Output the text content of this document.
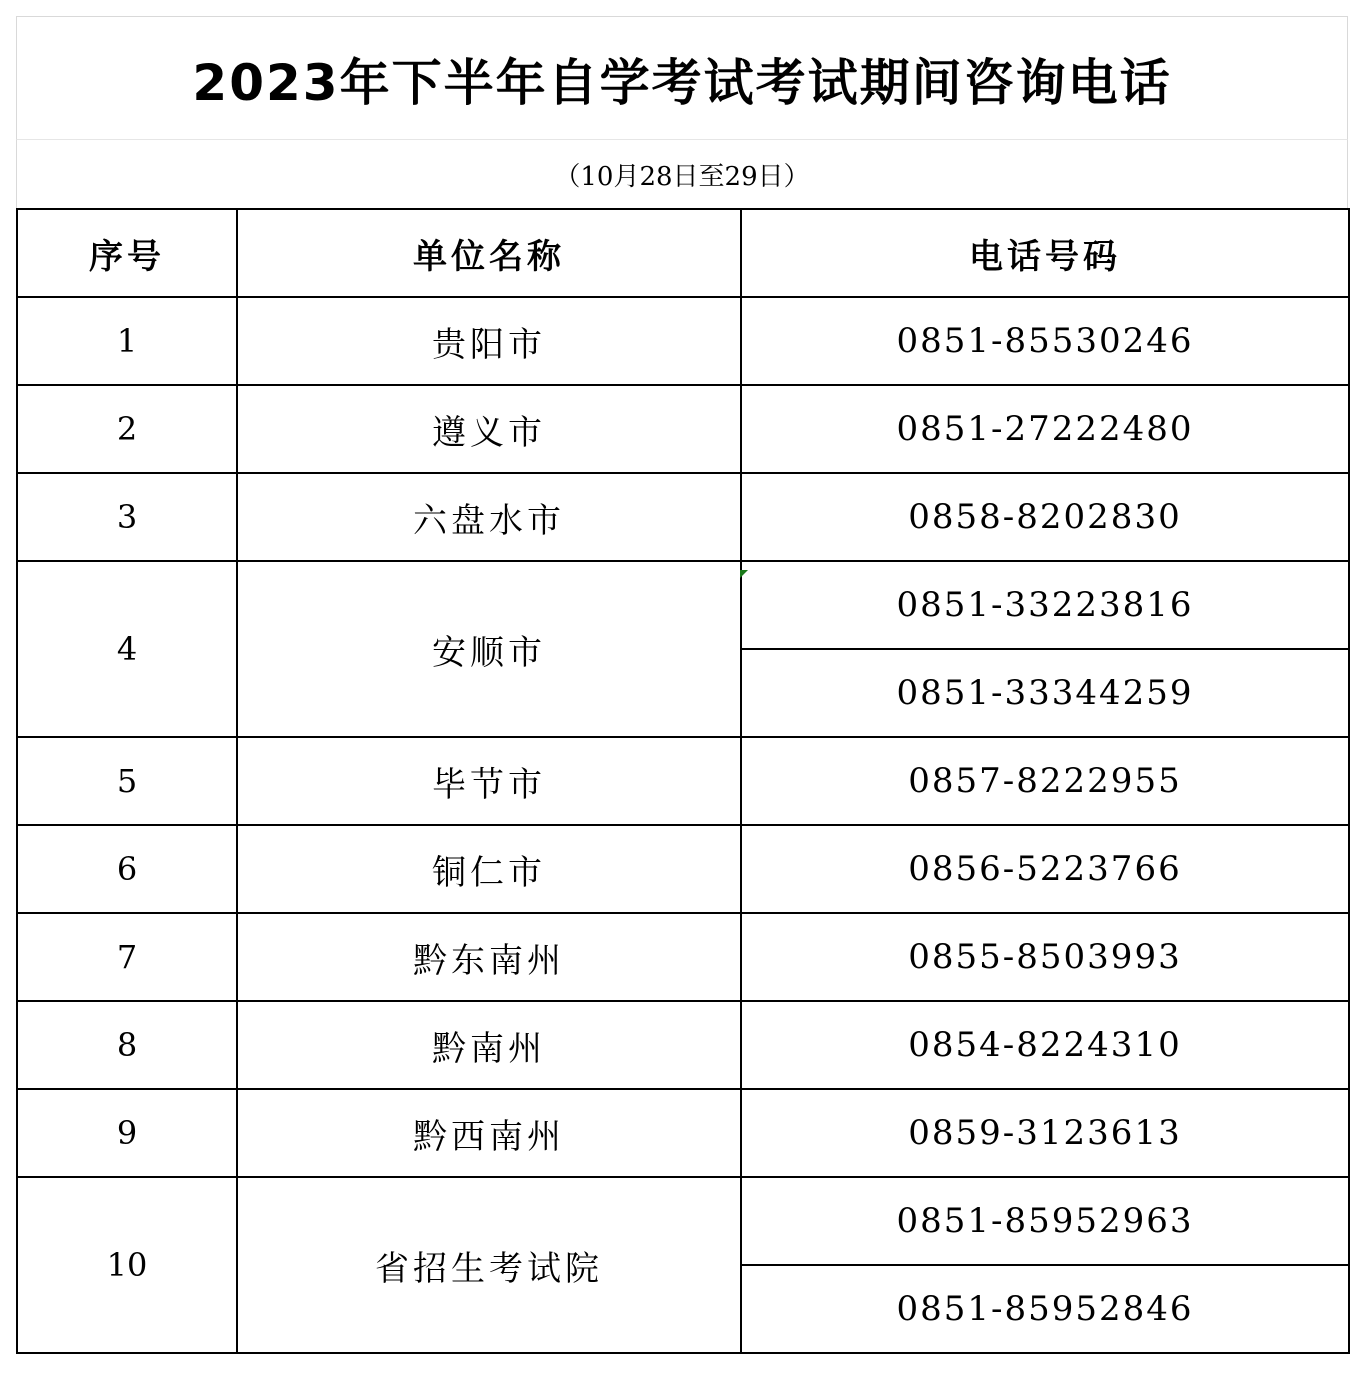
2023年下半年自学考试考试期间咨询电话
（10月28日至29日）
序号	单位名称	电话号码
1	贵阳市	0851-85530246
2	遵义市	0851-27222480
3	六盘水市	0858-8202830
4	安顺市	0851-33223816
		0851-33344259
5	毕节市	0857-8222955
6	铜仁市	0856-5223766
7	黔东南州	0855-8503993
8	黔南州	0854-8224310
9	黔西南州	0859-3123613
10	省招生考试院	0851-85952963
		0851-85952846
